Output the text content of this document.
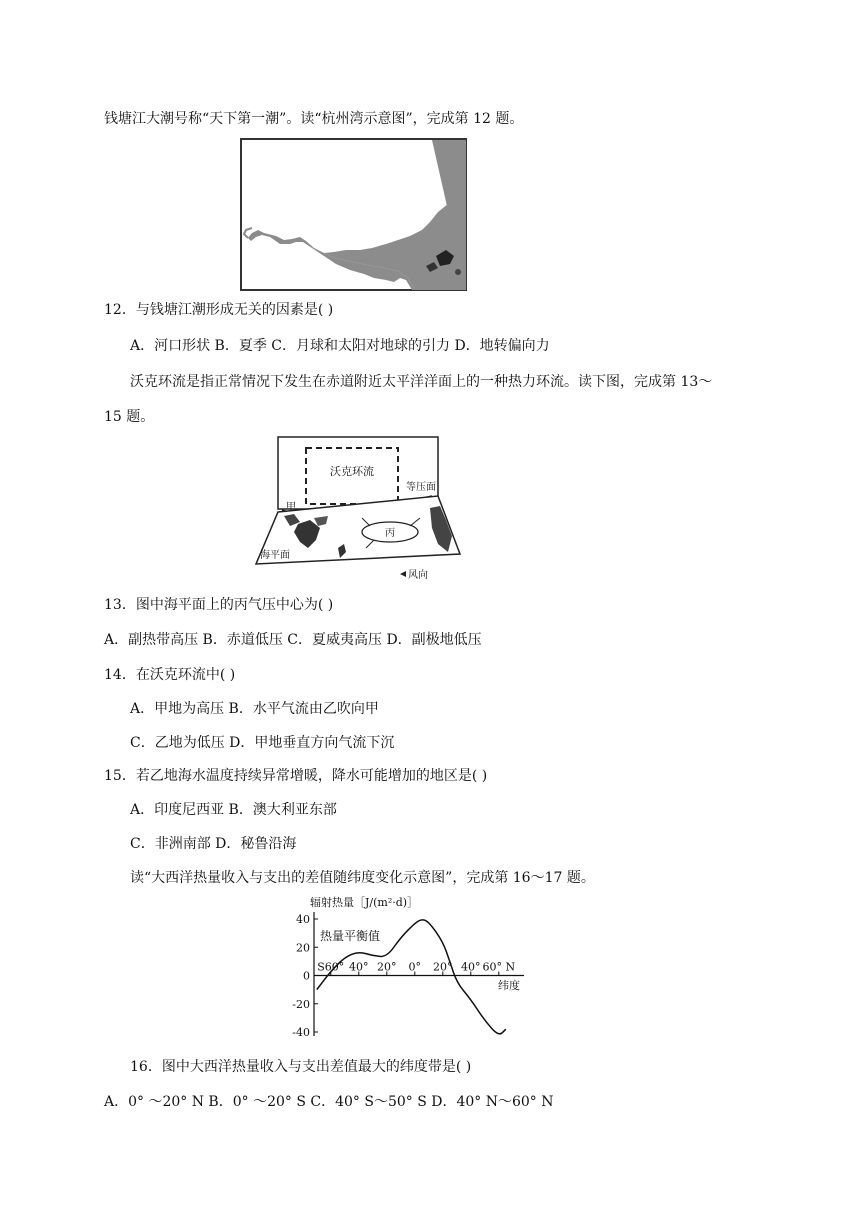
钱塘江大潮号称“天下第一潮”。读“杭州湾示意图”，完成第 12 题。
12．与钱塘江潮形成无关的因素是( )
A．河口形状 B．夏季 C．月球和太阳对地球的引力 D．地转偏向力
沃克环流是指正常情况下发生在赤道附近太平洋洋面上的一种热力环流。读下图，完成第 13～
15 题。
沃克环流
等压面
甲
丙
海平面
风向
13．图中海平面上的丙气压中心为( )
A．副热带高压 B．赤道低压 C．夏威夷高压 D．副极地低压
14．在沃克环流中( )
A．甲地为高压 B．水平气流由乙吹向甲
C．乙地为低压 D．甲地垂直方向气流下沉
15．若乙地海水温度持续异常增暖，降水可能增加的地区是( )
A．印度尼西亚 B．澳大利亚东部
C．非洲南部 D．秘鲁沿海
读“大西洋热量收入与支出的差值随纬度变化示意图”，完成第 16～17 题。
辐射热量［J/(m²·d)］
热量平衡值
纬度
40
20
0
-20
-40
S60° 40° 20° 0° 20° 40° 60° N
16．图中大西洋热量收入与支出差值最大的纬度带是( )
A．0° ～20° N B．0° ～20° S C．40° S～50° S D．40° N～60° N
